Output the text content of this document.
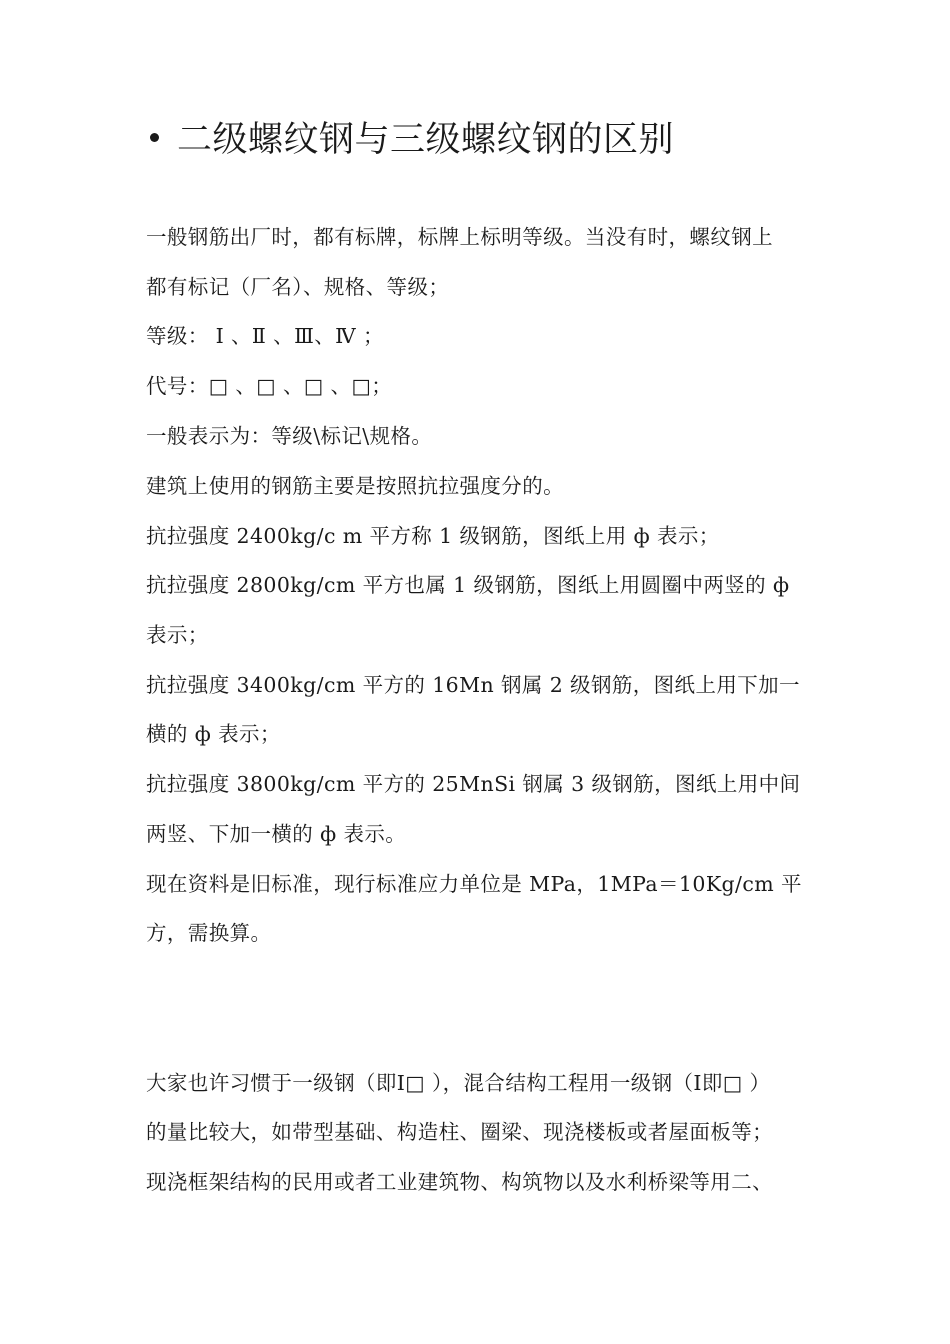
二级螺纹钢与三级螺纹钢的区别
一般钢筋出厂时，都有标牌，标牌上标明等级。当没有时，螺纹钢上
都有标记（厂名）、规格、等级；
等级： Ⅰ 、Ⅱ 、Ⅲ、Ⅳ ；
代号：□ 、□ 、□ 、□；
一般表示为：等级\标记\规格。
建筑上使用的钢筋主要是按照抗拉强度分的。
抗拉强度 2400kg/c m 平方称 1 级钢筋，图纸上用 ф 表示；
抗拉强度 2800kg/cm 平方也属 1 级钢筋，图纸上用圆圈中两竖的 ф
表示；
抗拉强度 3400kg/cm 平方的 16Mn 钢属 2 级钢筋，图纸上用下加一
横的 ф 表示；
抗拉强度 3800kg/cm 平方的 25MnSi 钢属 3 级钢筋，图纸上用中间
两竖、下加一横的 ф 表示。
现在资料是旧标准，现行标准应力单位是 MPa，1MPa＝10Kg/cm 平
方，需换算。
大家也许习惯于一级钢（即Ⅰ□ ），混合结构工程用一级钢（Ⅰ即□ ）
的量比较大，如带型基础、构造柱、圈梁、现浇楼板或者屋面板等；
现浇框架结构的民用或者工业建筑物、构筑物以及水利桥梁等用二、
